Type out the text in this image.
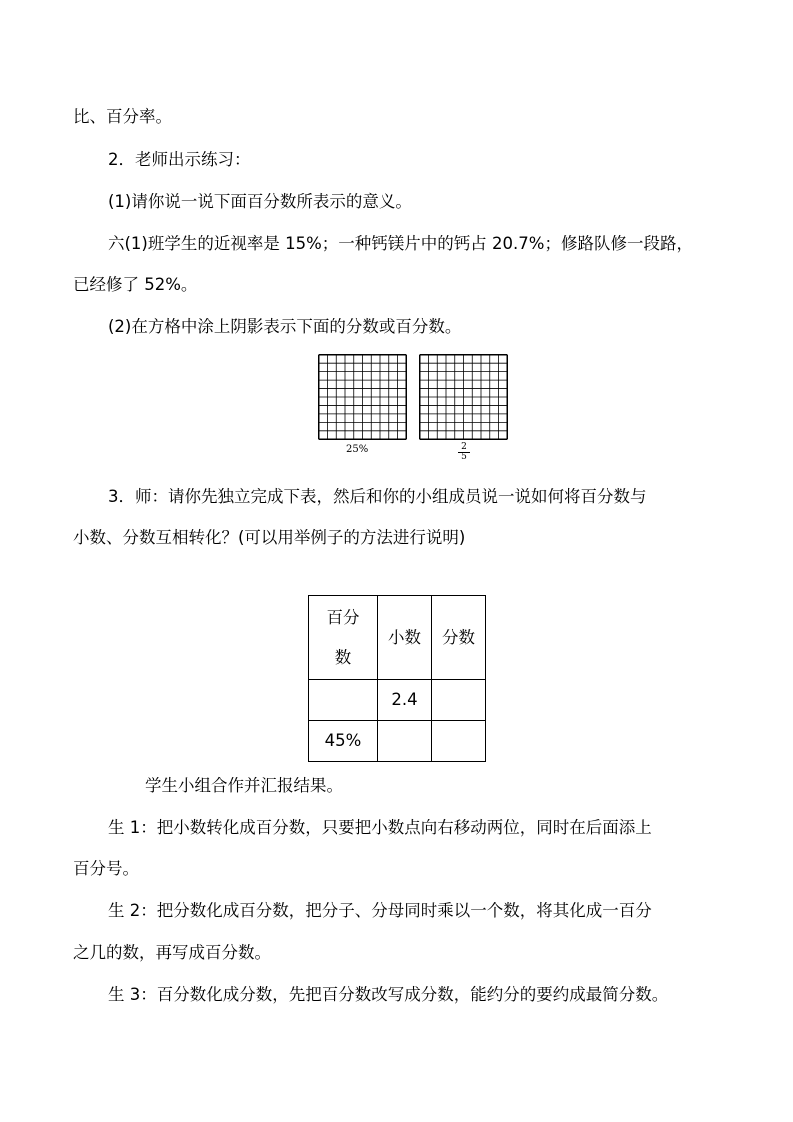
比、百分率。
2．老师出示练习：
(1)请你说一说下面百分数所表示的意义。
六(1)班学生的近视率是 15%；一种钙镁片中的钙占 20.7%；修路队修一段路，
已经修了 52%。
(2)在方格中涂上阴影表示下面的分数或百分数。
25%	$\frac{2}{5}$
3．师：请你先独立完成下表，然后和你的小组成员说一说如何将百分数与
小数、分数互相转化？(可以用举例子的方法进行说明)
百分
数	小数	分数
	2.4	
45%		
学生小组合作并汇报结果。
生 1：把小数转化成百分数，只要把小数点向右移动两位，同时在后面添上
百分号。
生 2：把分数化成百分数，把分子、分母同时乘以一个数，将其化成一百分
之几的数，再写成百分数。
生 3：百分数化成分数，先把百分数改写成分数，能约分的要约成最简分数。
